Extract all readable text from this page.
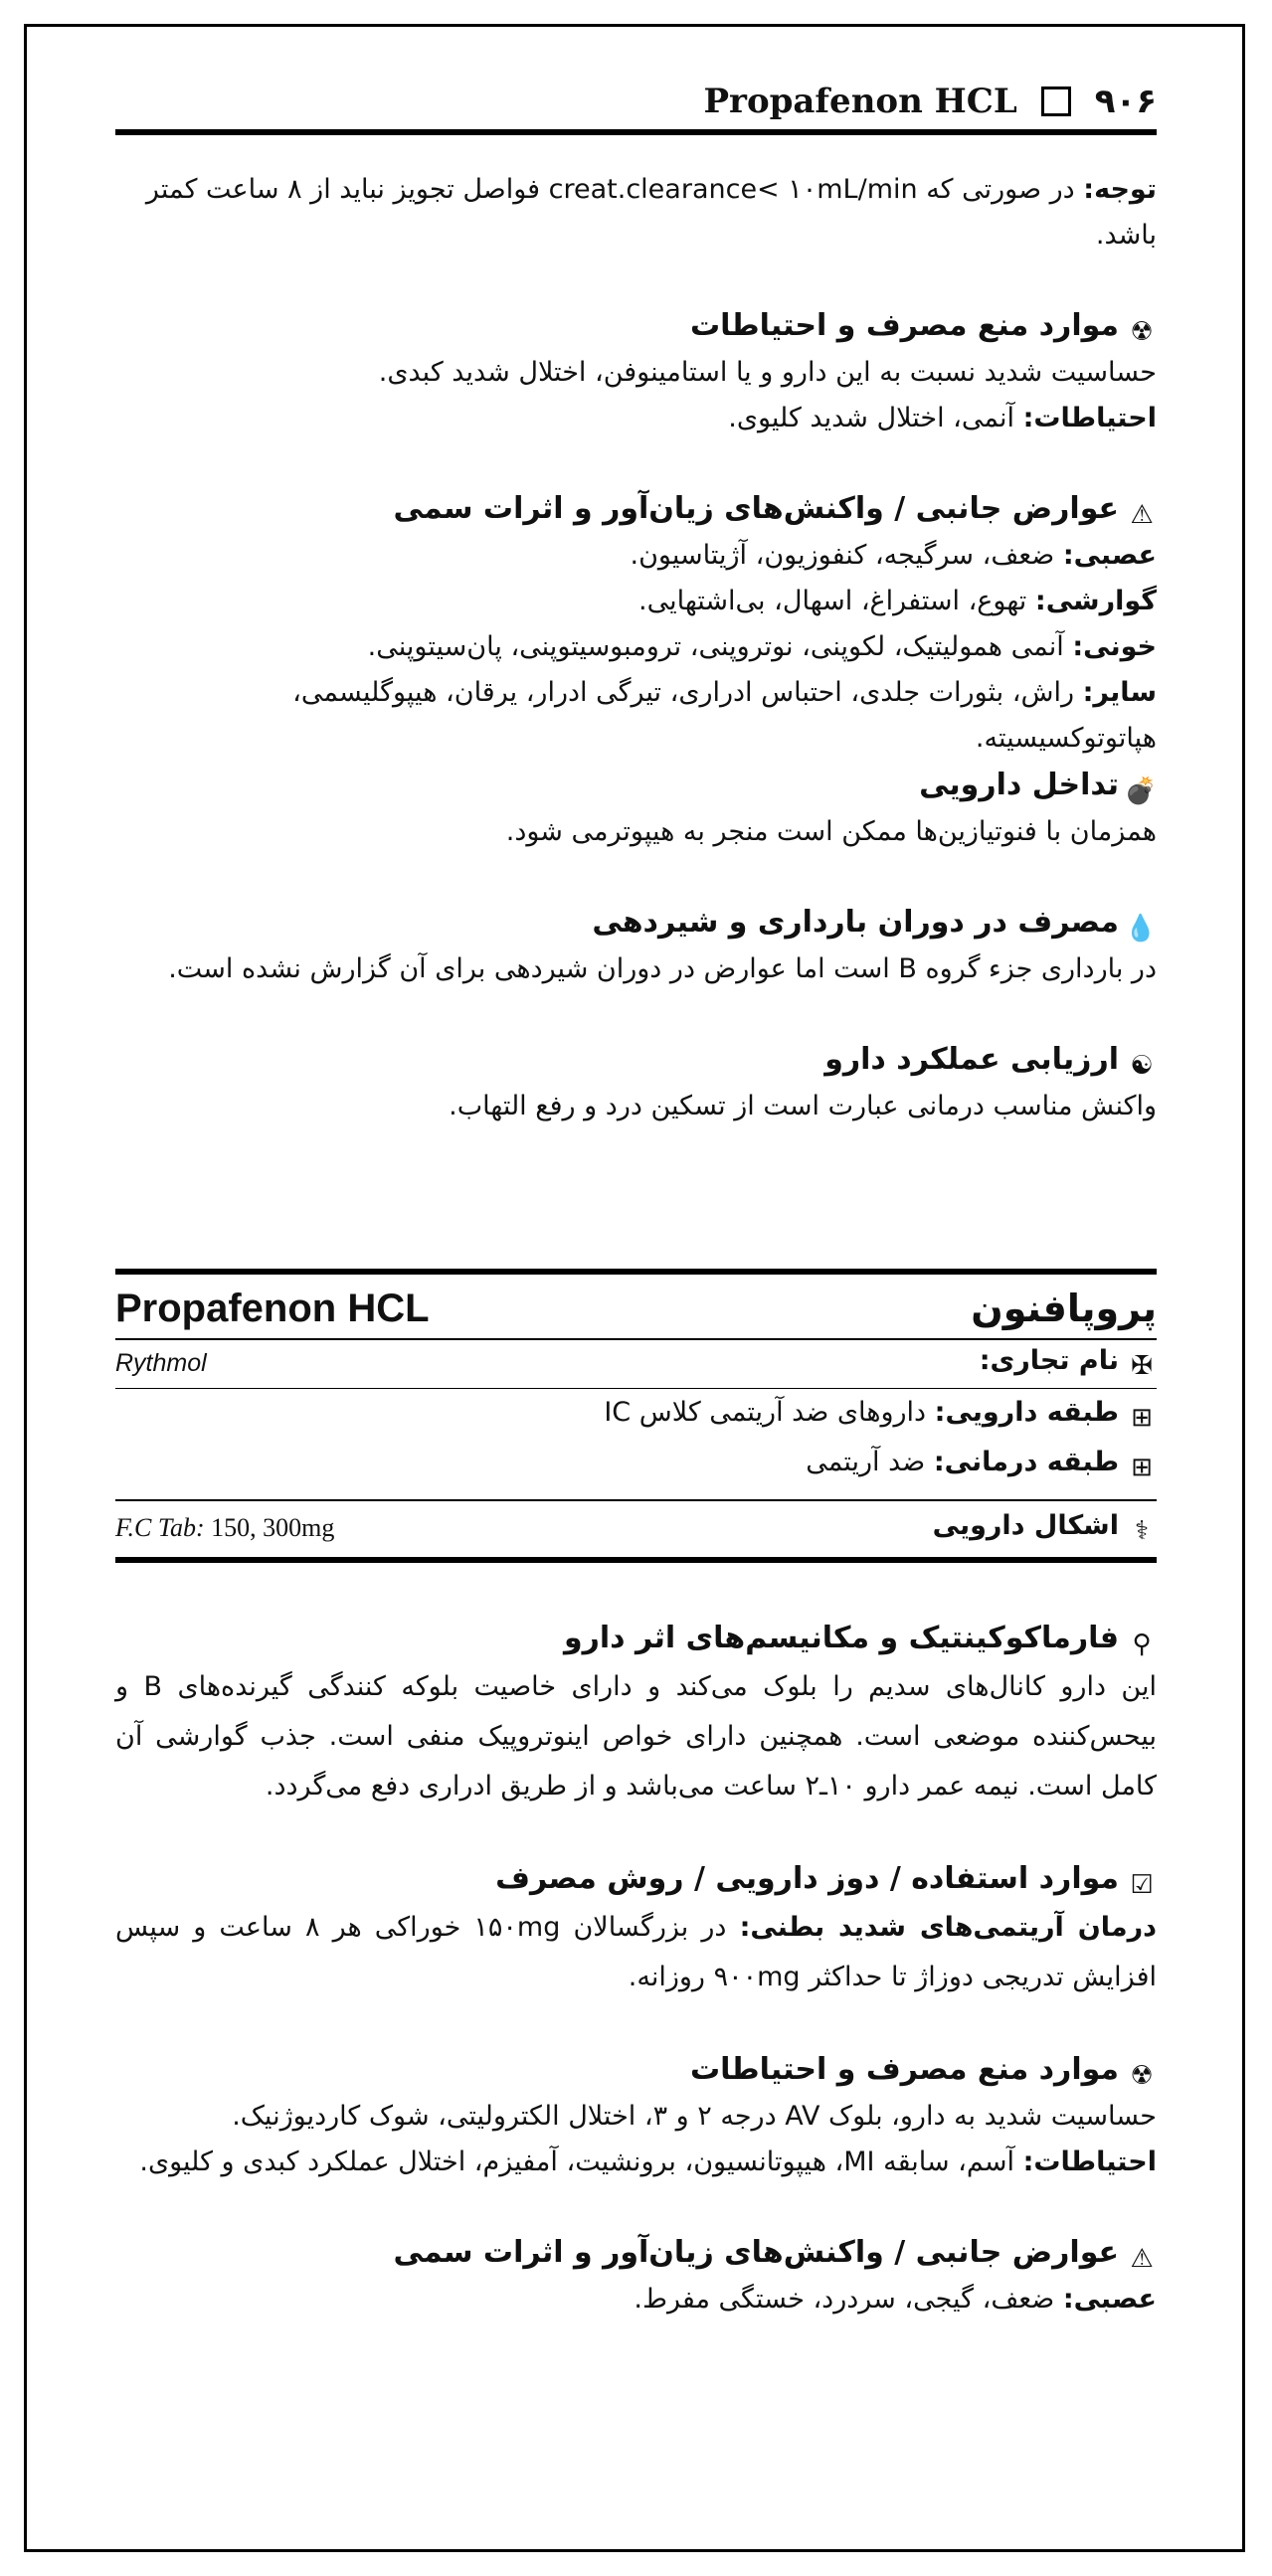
Propafenon HCL ۹۰۶

توجه: در صورتی که creat.clearance< ۱۰mL/min فواصل تجویز نباید از ۸ ساعت کمتر باشد.

☢موارد منع مصرف و احتیاطات

حساسیت شدید نسبت به این دارو و یا استامینوفن، اختلال شدید کبدی.

احتیاطات: آنمی، اختلال شدید کلیوی.

⚠عوارض جانبی / واکنش‌های زیان‌آور و اثرات سمی

عصبی: ضعف، سرگیجه، کنفوزیون، آژیتاسیون.

گوارشی: تهوع، استفراغ، اسهال، بی‌اشتهایی.

خونی: آنمی همولیتیک، لکوپنی، نوتروپنی، ترومبوسیتوپنی، پان‌سیتوپنی.

سایر: راش، بثورات جلدی، احتباس ادراری، تیرگی ادرار، یرقان، هیپوگلیسمی، هپاتوتوکسیسیته.

💣تداخل دارویی

همزمان با فنوتیازین‌ها ممکن است منجر به هیپوترمی شود.

💧مصرف در دوران بارداری و شیردهی

در بارداری جزء گروه B است اما عوارض در دوران شیردهی برای آن گزارش نشده است.

☯ارزیابی عملکرد دارو

واکنش مناسب درمانی عبارت است از تسکین درد و رفع التهاب.

Propafenon HCL	پروپافنون
Rythmol	✠نام تجاری:
⊞طبقه دارویی: داروهای ضد آریتمی کلاس IC
⊞طبقه درمانی: ضد آریتمی
F.C Tab: 150, 300mg	⚕اشکال دارویی

⚲فارماکوکینتیک و مکانیسم‌های اثر دارو

این دارو کانال‌های سدیم را بلوک می‌کند و دارای خاصیت بلوکه کنندگی گیرنده‌های B و بیحس‌کننده موضعی است. همچنین دارای خواص اینوتروپیک منفی است. جذب گوارشی آن کامل است. نیمه عمر دارو ۱۰ـ۲ ساعت می‌باشد و از طریق ادراری دفع می‌گردد.

☑موارد استفاده / دوز دارویی / روش مصرف

درمان آریتمی‌های شدید بطنی: در بزرگسالان ۱۵۰mg خوراکی هر ۸ ساعت و سپس افزایش تدریجی دوزاژ تا حداکثر ۹۰۰mg روزانه.

☢موارد منع مصرف و احتیاطات

حساسیت شدید به دارو، بلوک AV درجه ۲ و ۳، اختلال الکترولیتی، شوک کاردیوژنیک.

احتیاطات: آسم، سابقه MI، هیپوتانسیون، برونشیت، آمفیزم، اختلال عملکرد کبدی و کلیوی.

⚠عوارض جانبی / واکنش‌های زیان‌آور و اثرات سمی

عصبی: ضعف، گیجی، سردرد، خستگی مفرط.
